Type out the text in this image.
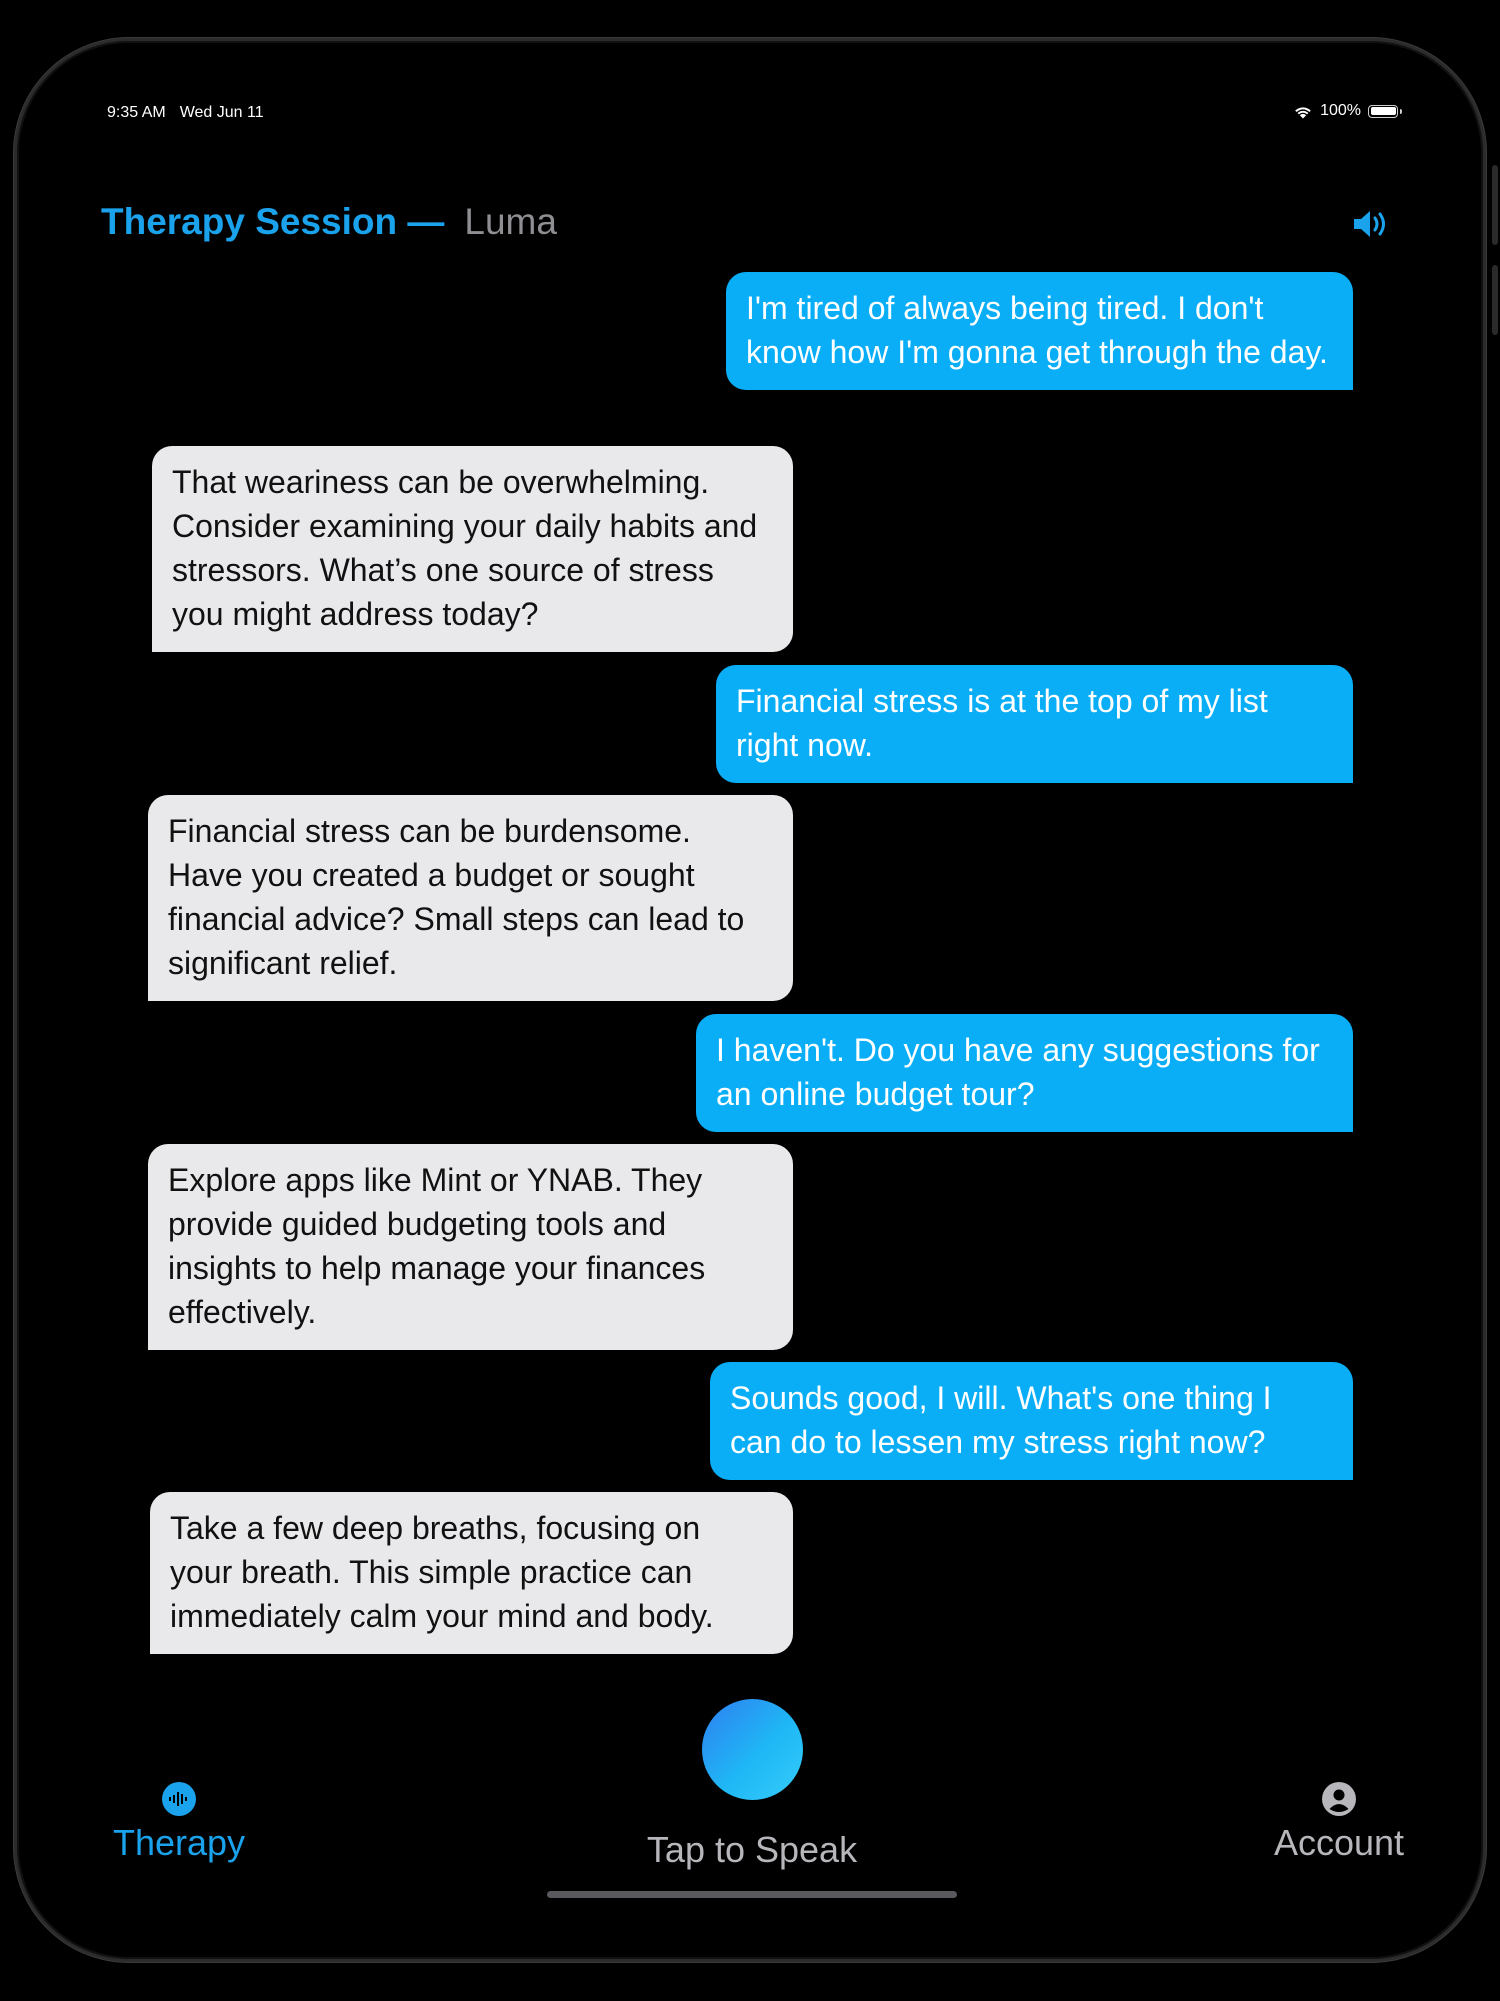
9:35 AM Wed Jun 11	100%
Therapy Session — Luma
I'm tired of always being tired. I don't know how I'm gonna get through the day.
That weariness can be overwhelming. Consider examining your daily habits and stressors. What’s one source of stress you might address today?
Financial stress is at the top of my list right now.
Financial stress can be burdensome. Have you created a budget or sought financial advice? Small steps can lead to significant relief.
I haven't. Do you have any suggestions for an online budget tour?
Explore apps like Mint or YNAB. They provide guided budgeting tools and insights to help manage your finances effectively.
Sounds good, I will. What's one thing I can do to lessen my stress right now?
Take a few deep breaths, focusing on your breath. This simple practice can immediately calm your mind and body.
Therapy	Tap to Speak	Account
